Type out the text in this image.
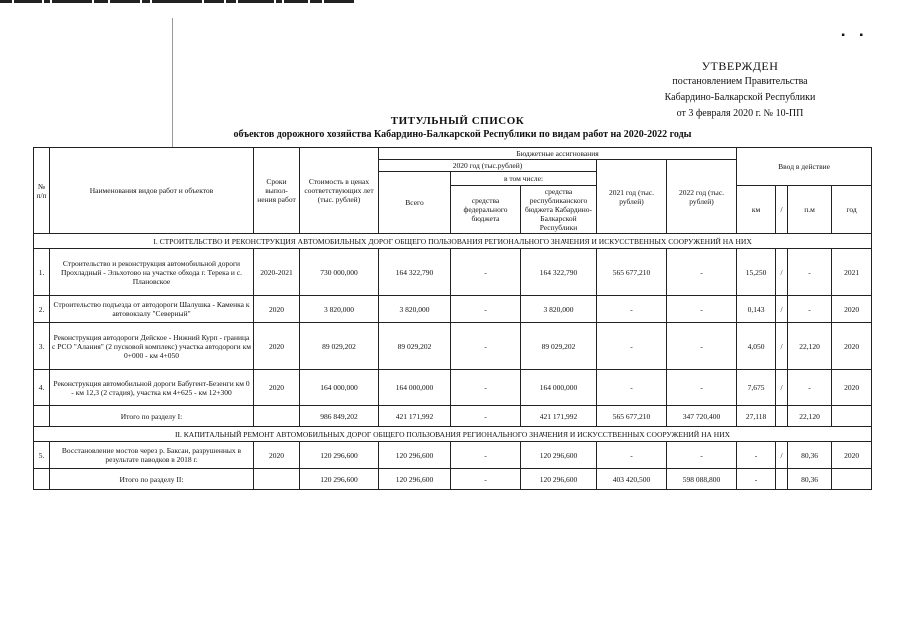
▪ ▪
УТВЕРЖДЕН
постановлением Правительства
Кабардино-Балкарской Республики
от 3 февраля 2020 г. № 10-ПП
ТИТУЛЬНЫЙ СПИСОК
объектов дорожного хозяйства Кабардино-Балкарской Республики по видам работ на 2020-2022 годы
№ п/п	Наименования видов работ и объектов	Сроки выпол-нения работ	Стоимость в ценах соответствующих лет (тыс. рублей)	Бюджетные ассигнования					Ввод в действие			
				2020 год (тыс.рублей)			2021 год (тыс. рублей)	2022 год (тыс. рублей)				
				Всего	в том числе:							
					средства федерального бюджета	средства республиканского бюджета Кабардино-Балкарской Республики			км	/	п.м	год
I. СТРОИТЕЛЬСТВО И РЕКОНСТРУКЦИЯ АВТОМОБИЛЬНЫХ ДОРОГ ОБЩЕГО ПОЛЬЗОВАНИЯ РЕГИОНАЛЬНОГО ЗНАЧЕНИЯ И ИСКУССТВЕННЫХ СООРУЖЕНИЙ НА НИХ												
1.	Строительство и реконструкция автомобильной дороги Прохладный - Эльхотово на участке обхода г. Терека и с. Плановское	2020-2021	730 000,000	164 322,790	-	164 322,790	565 677,210	-	15,250	/	-	2021
2.	Строительство подъезда от автодороги Шалушка - Каменка к автовокзалу "Северный"	2020	3 820,000	3 820,000	-	3 820,000	-	-	0,143	/	-	2020
3.	Реконструкция автодороги Дейское - Нижний Курп - граница с РСО "Алания" (2 пусковой комплекс) участка автодороги км 0+000 - км 4+050	2020	89 029,202	89 029,202	-	89 029,202	-	-	4,050	/	22,120	2020
4.	Реконструкция автомобильной дороги Бабугент-Безенги км 0 - км 12,3 (2 стадия), участка км 4+625 - км 12+300	2020	164 000,000	164 000,000	-	164 000,000	-	-	7,675	/	-	2020
	Итого по разделу I:		986 849,202	421 171,992	-	421 171,992	565 677,210	347 720,400	27,118		22,120	
II. КАПИТАЛЬНЫЙ РЕМОНТ АВТОМОБИЛЬНЫХ ДОРОГ ОБЩЕГО ПОЛЬЗОВАНИЯ РЕГИОНАЛЬНОГО ЗНАЧЕНИЯ И ИСКУССТВЕННЫХ СООРУЖЕНИЙ НА НИХ												
5.	Восстановление мостов через р. Баксан, разрушенных в результате паводков в 2018 г.	2020	120 296,600	120 296,600	-	120 296,600	-	-	-	/	80,36	2020
	Итого по разделу II:		120 296,600	120 296,600	-	120 296,600	403 420,500	598 088,800	-		80,36	
